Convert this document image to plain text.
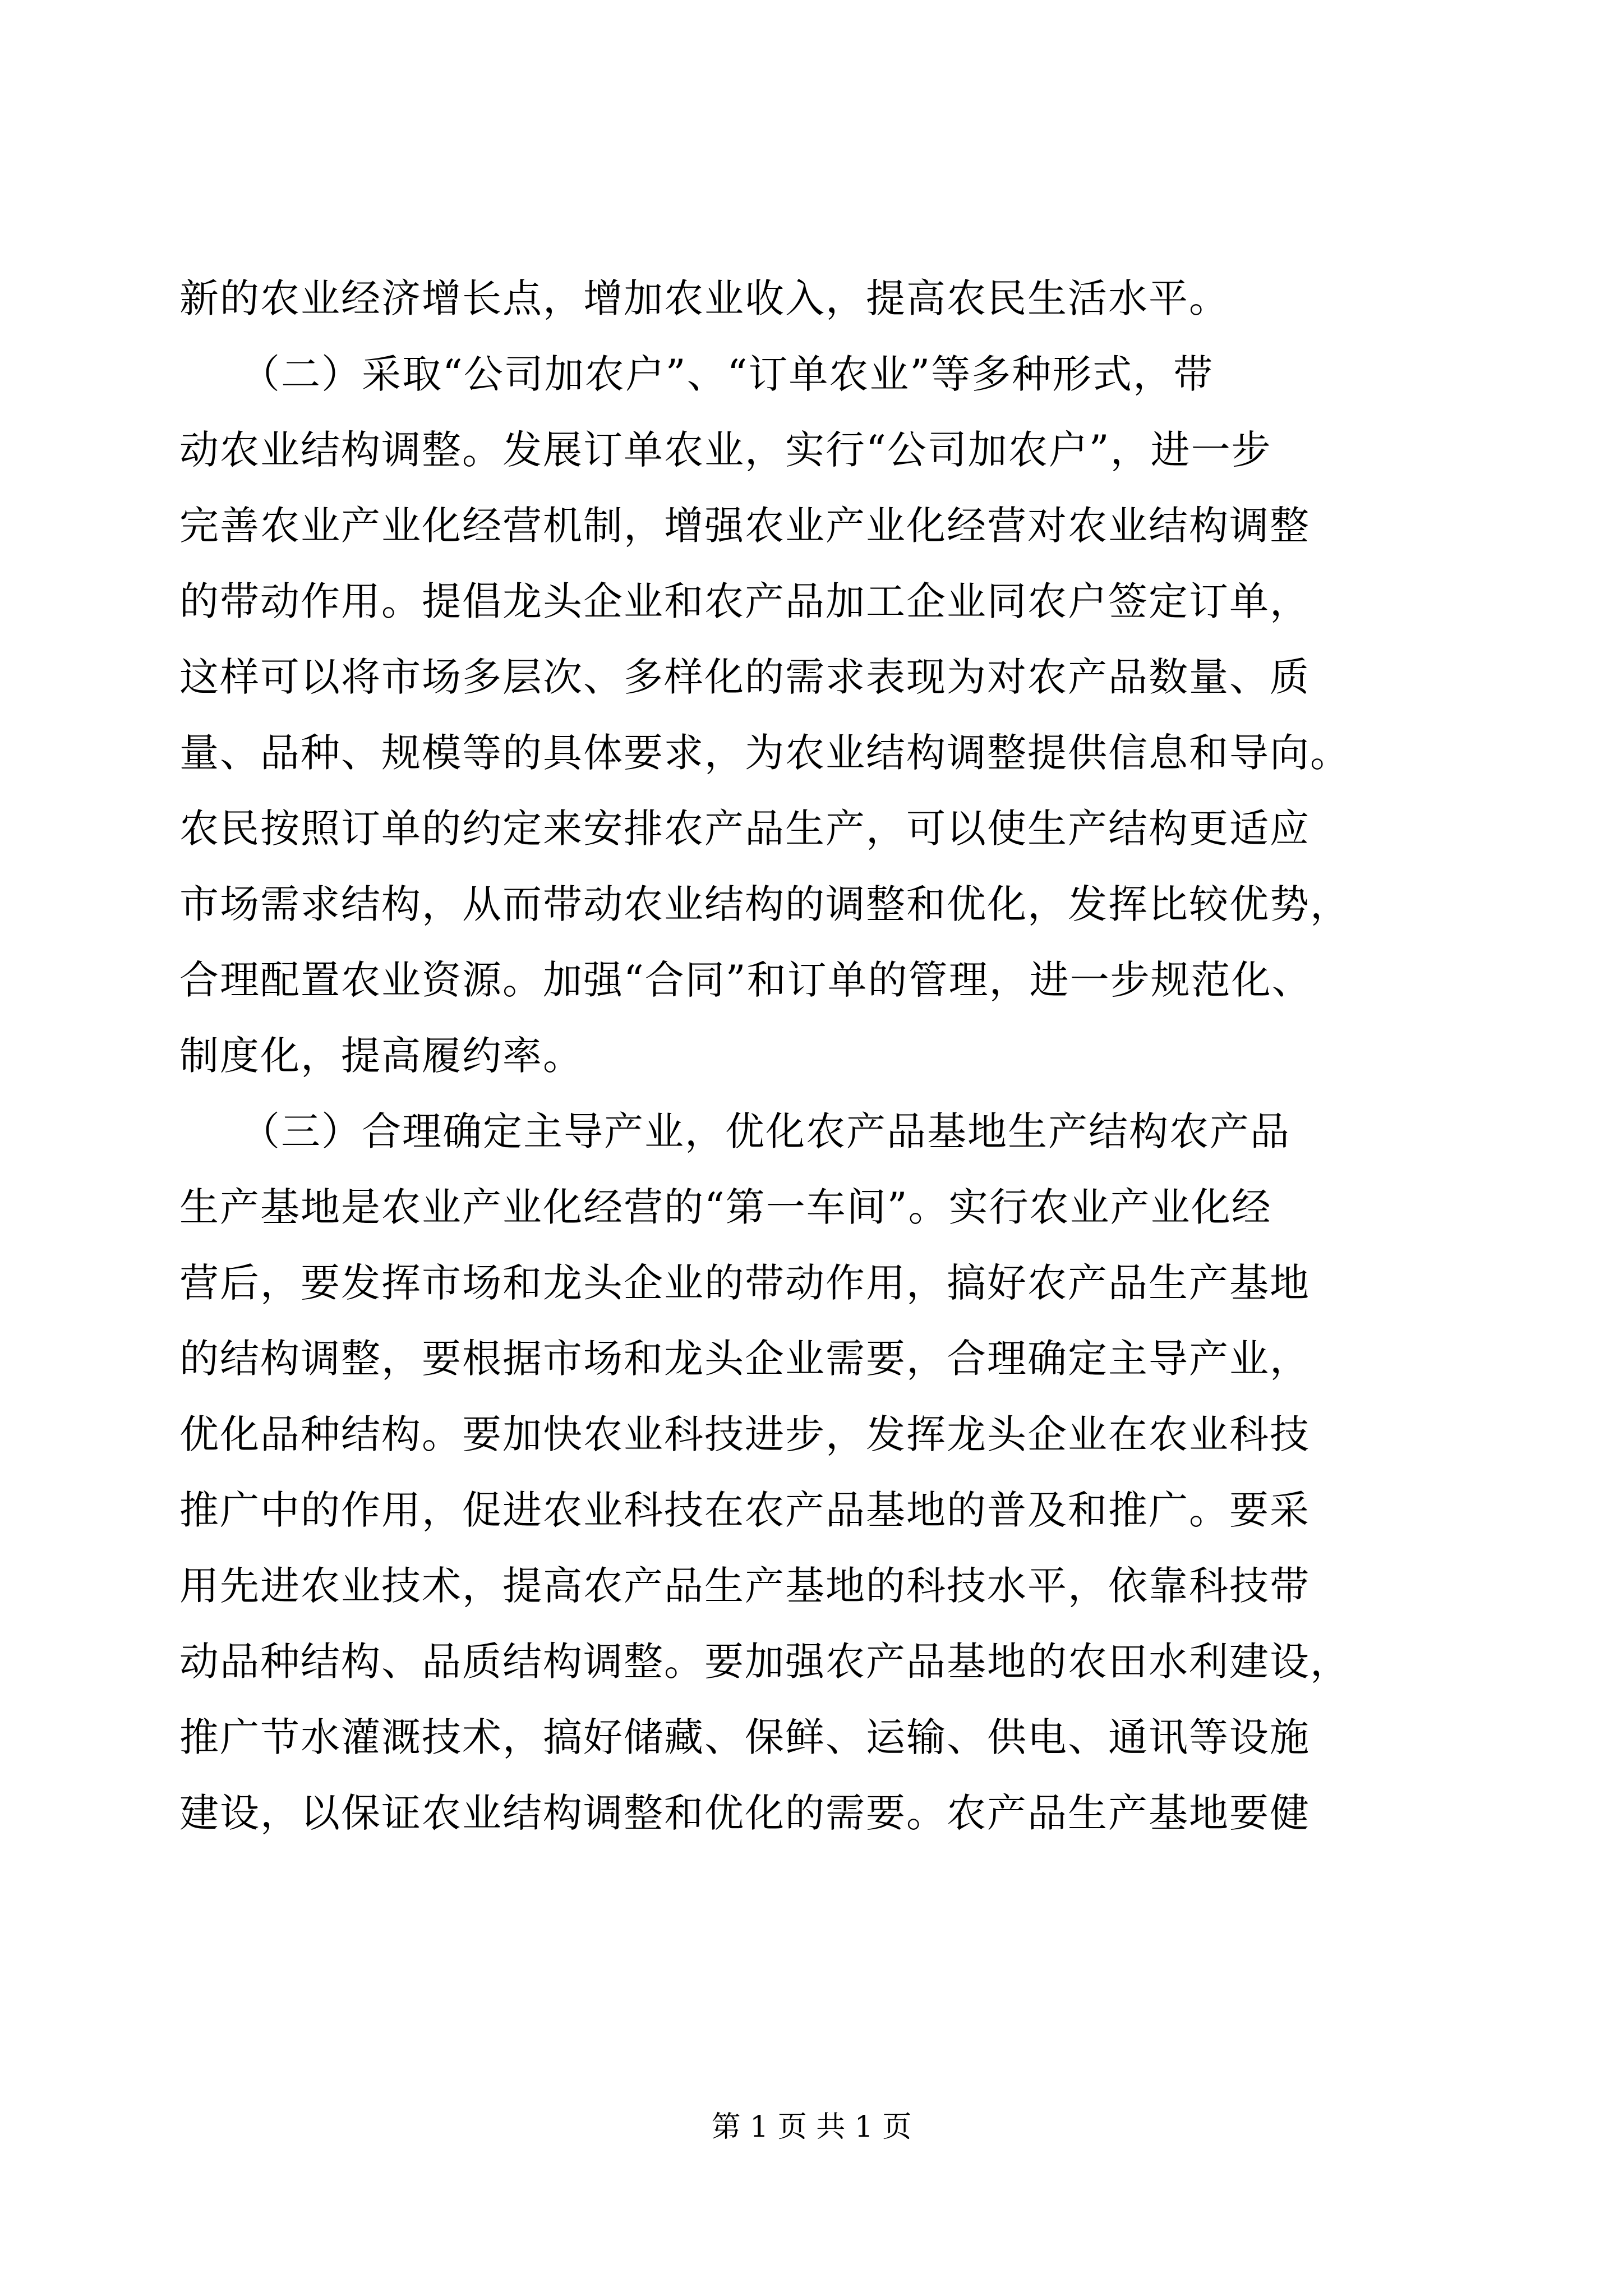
新的农业经济增长点，增加农业收入，提高农民生活水平。
　　（二）采取“公司加农户”、“订单农业”等多种形式，带
动农业结构调整。发展订单农业，实行“公司加农户”，进一步
完善农业产业化经营机制，增强农业产业化经营对农业结构调整
的带动作用。提倡龙头企业和农产品加工企业同农户签定订单，
这样可以将市场多层次、多样化的需求表现为对农产品数量、质
量、品种、规模等的具体要求，为农业结构调整提供信息和导向。
农民按照订单的约定来安排农产品生产，可以使生产结构更适应
市场需求结构，从而带动农业结构的调整和优化，发挥比较优势，
合理配置农业资源。加强“合同”和订单的管理，进一步规范化、
制度化，提高履约率。
　　（三）合理确定主导产业，优化农产品基地生产结构农产品
生产基地是农业产业化经营的“第一车间”。实行农业产业化经
营后，要发挥市场和龙头企业的带动作用，搞好农产品生产基地
的结构调整，要根据市场和龙头企业需要，合理确定主导产业，
优化品种结构。要加快农业科技进步，发挥龙头企业在农业科技
推广中的作用，促进农业科技在农产品基地的普及和推广。要采
用先进农业技术，提高农产品生产基地的科技水平，依靠科技带
动品种结构、品质结构调整。要加强农产品基地的农田水利建设，
推广节水灌溉技术，搞好储藏、保鲜、运输、供电、通讯等设施
建设，以保证农业结构调整和优化的需要。农产品生产基地要健
第 1 页 共 1 页
